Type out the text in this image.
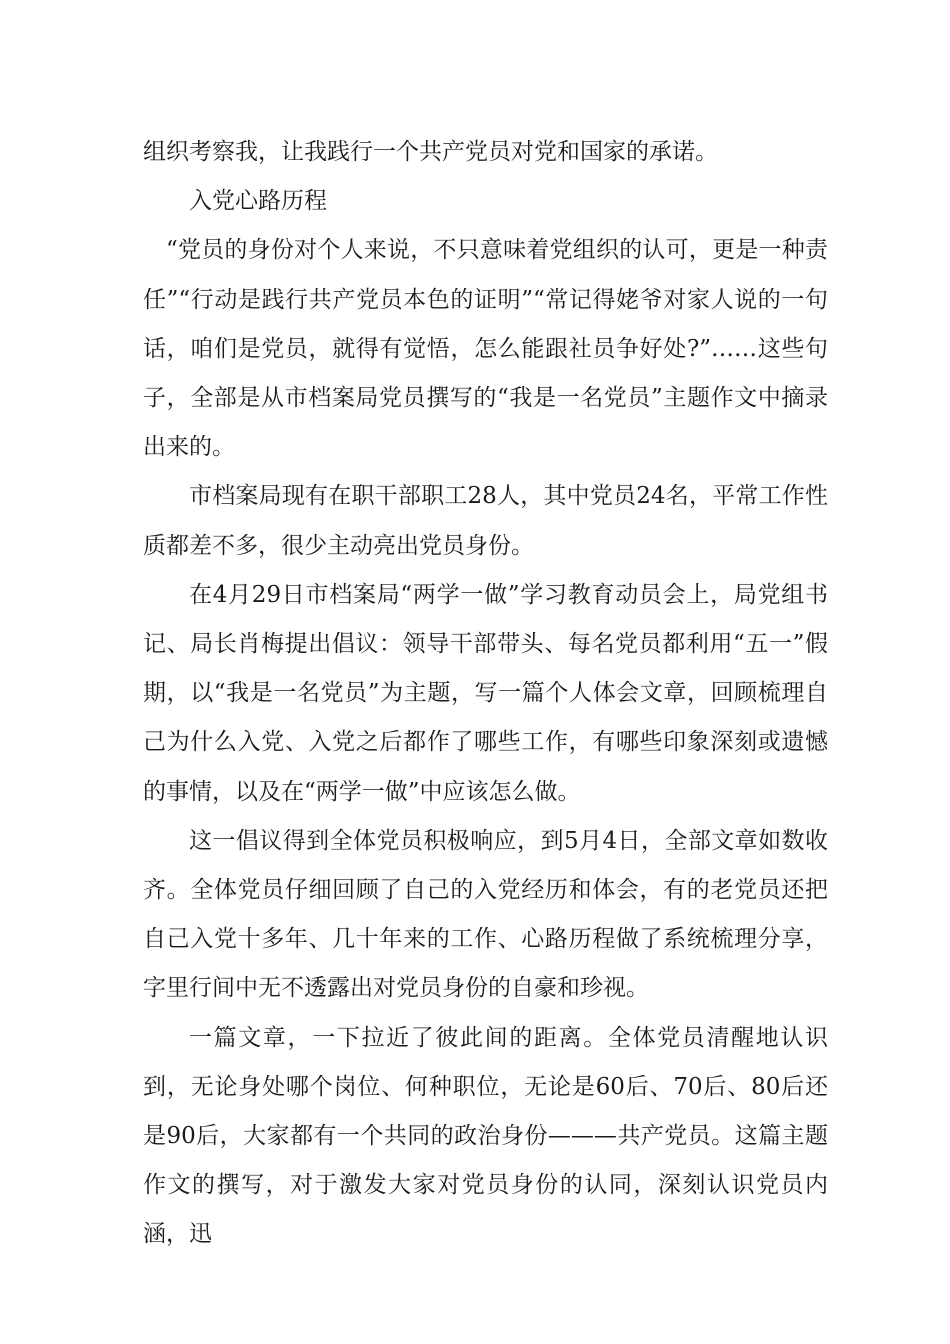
组织考察我，让我践行一个共产党员对党和国家的承诺。

入党心路历程

“党员的身份对个人来说，不只意味着党组织的认可，更是一种责任”“行动是践行共产党员本色的证明”“常记得姥爷对家人说的一句话，咱们是党员，就得有觉悟，怎么能跟社员争好处?”……这些句子，全部是从市档案局党员撰写的“我是一名党员”主题作文中摘录出来的。

市档案局现有在职干部职工28人，其中党员24名，平常工作性质都差不多，很少主动亮出党员身份。

在4月29日市档案局“两学一做”学习教育动员会上，局党组书记、局长肖梅提出倡议：领导干部带头、每名党员都利用“五一”假期，以“我是一名党员”为主题，写一篇个人体会文章，回顾梳理自己为什么入党、入党之后都作了哪些工作，有哪些印象深刻或遗憾的事情，以及在“两学一做”中应该怎么做。

这一倡议得到全体党员积极响应，到5月4日，全部文章如数收齐。全体党员仔细回顾了自己的入党经历和体会，有的老党员还把自己入党十多年、几十年来的工作、心路历程做了系统梳理分享，字里行间中无不透露出对党员身份的自豪和珍视。

一篇文章，一下拉近了彼此间的距离。全体党员清醒地认识到，无论身处哪个岗位、何种职位，无论是60后、70后、80后还是90后，大家都有一个共同的政治身份———共产党员。这篇主题作文的撰写，对于激发大家对党员身份的认同，深刻认识党员内涵，迅
